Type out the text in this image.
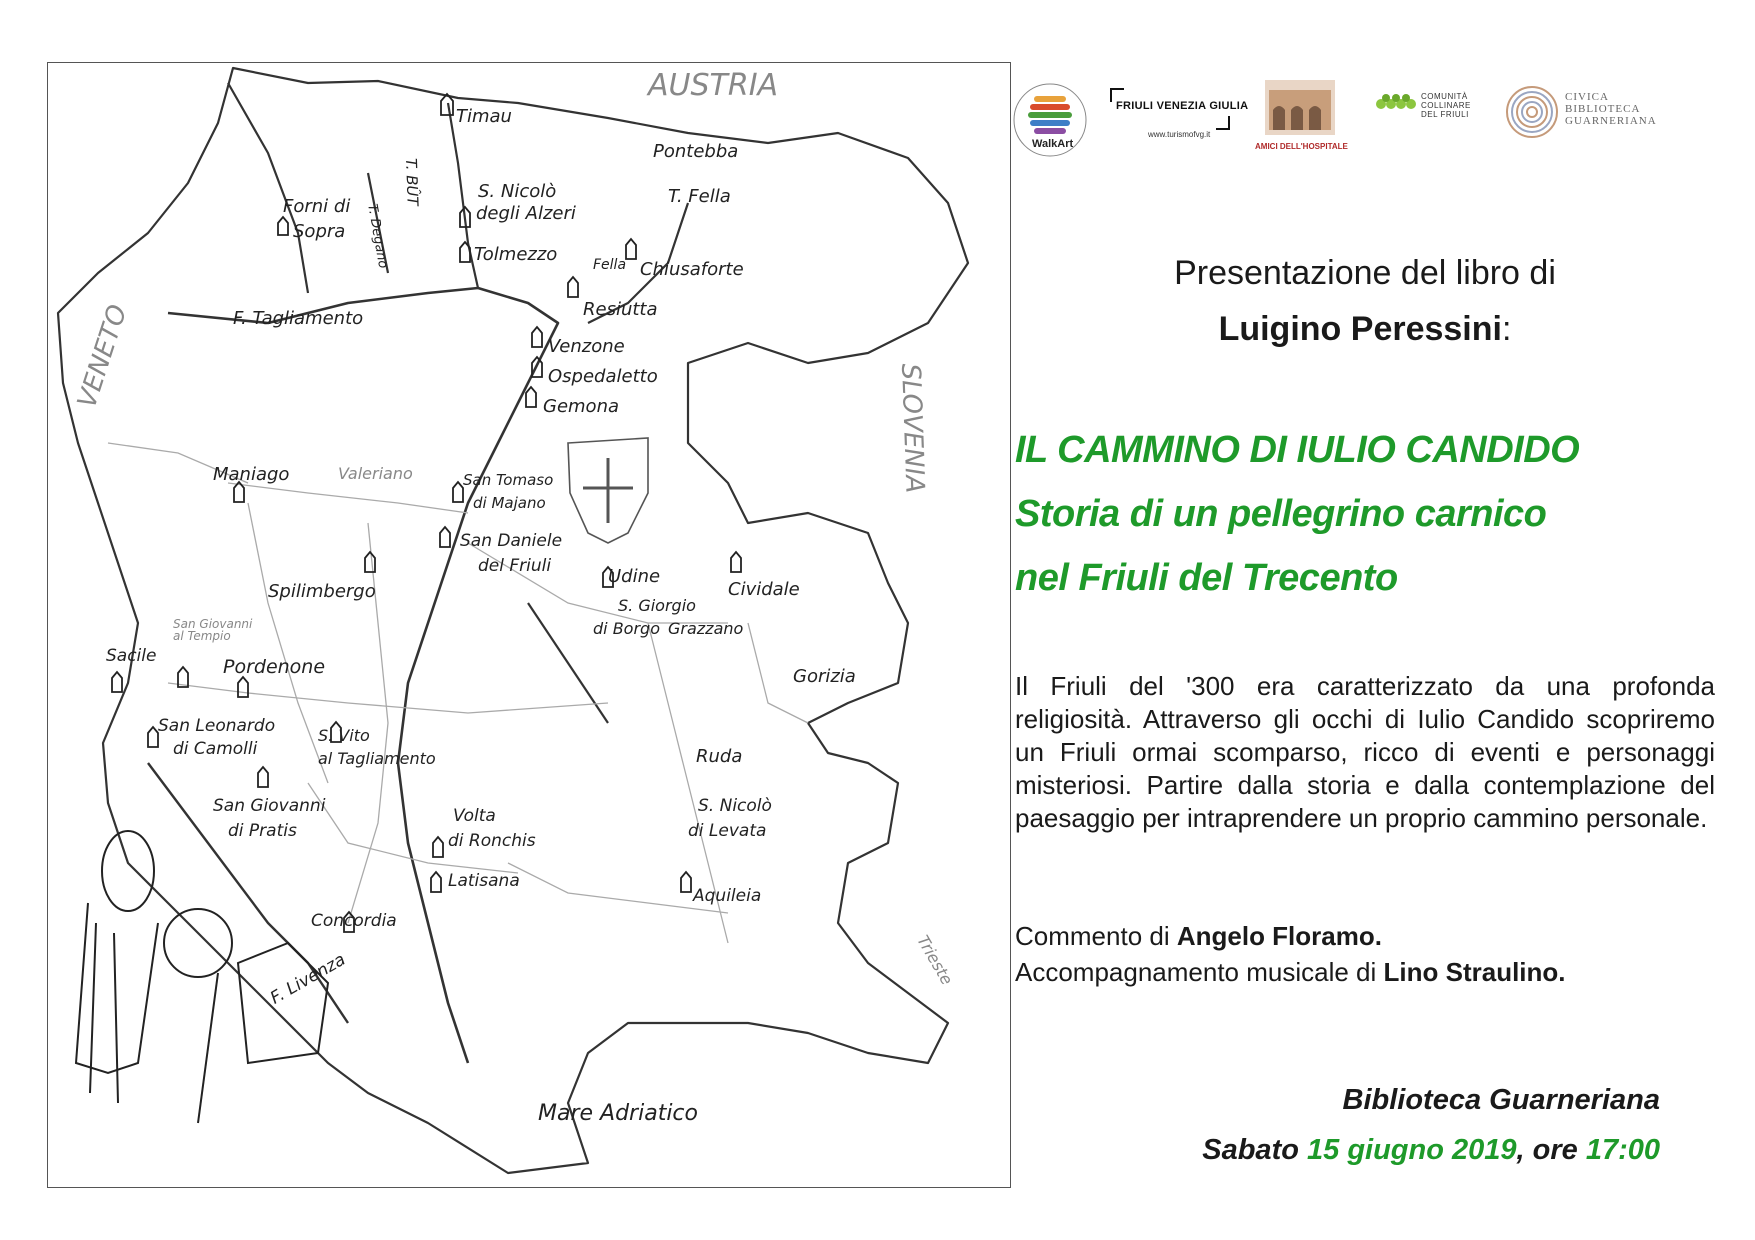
AUSTRIA
VENETO
SLOVENIA
Timau
T. BÛT	S. Nicolò
degli Alzeri
Pontebba
T. Fella
Forni di
Sopra T. Degano	Tolmezzo	Fella Chiusaforte
Resiutta
F. Tagliamento
Venzone
Ospedaletto
Gemona
Maniago	Valeriano	San Tomaso
di Majano
San Daniele
del Friuli
Spilimbergo
Udine
Cividale
S. Giorgio
di Borgo Grazzano
Sacile
San Giovanni al Tempio
Pordenone	Gorizia
San Leonardo
di Camolli
S. Vito
al Tagliamento	Ruda
San Giovanni
di Pratis
Volta
di Ronchis
S. Nicolò
di Levata
Latisana
Aquileia
Concordia
Trieste
F. Livenza
Mare Adriatico
WalkArt
FRIULI VENEZIA GIULIA
www.turismofvg.it
AMICI DELL'HOSPITALE
COMUNITÀ
COLLINARE
DEL FRIULI
CIVICA
BIBLIOTECA
GUARNERIANA
Presentazione del libro di
Luigino Peressini:
IL CAMMINO DI IULIO CANDIDO
Storia di un pellegrino carnico
nel Friuli del Trecento
Il Friuli del '300 era caratterizzato da una profonda religiosità. Attraverso gli occhi di Iulio Candido scopriremo un Friuli ormai scomparso, ricco di eventi e personaggi misteriosi. Partire dalla storia e dalla contemplazione del paesaggio per intraprendere un proprio cammino personale.
Commento di Angelo Floramo.
Accompagnamento musicale di Lino Straulino.
Biblioteca Guarneriana
Sabato 15 giugno 2019, ore 17:00
